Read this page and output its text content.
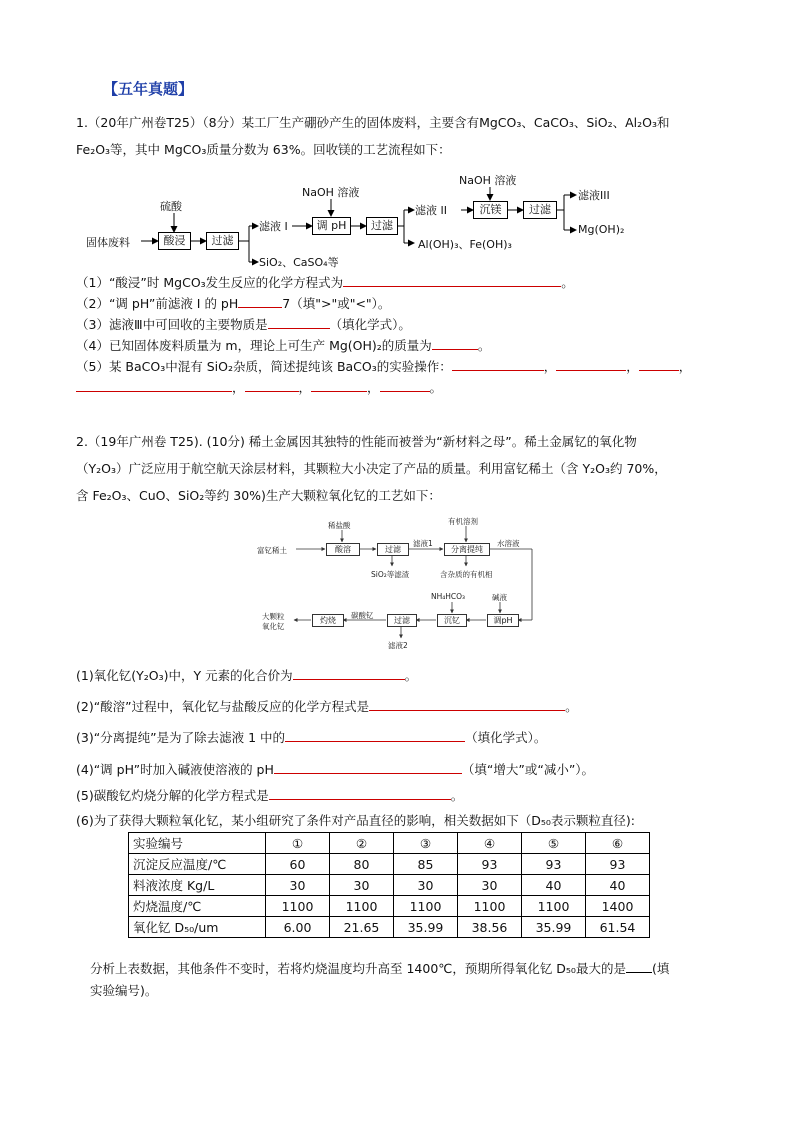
【五年真题】
1.（20年广州卷T25）（8分）某工厂生产硼砂产生的固体废料，主要含有MgCO₃、CaCO₃、SiO₂、Al₂O₃和
Fe₂O₃等，其中 MgCO₃质量分数为 63%。回收镁的工艺流程如下：
固体废料
硫酸
酸浸	过滤
滤液 I
SiO₂、CaSO₄等
NaOH 溶液
调 pH	过滤
滤液 II
Al(OH)₃、Fe(OH)₃
NaOH 溶液
沉镁	过滤
滤液III
Mg(OH)₂
（1）“酸浸”时 MgCO₃发生反应的化学方程式为	。
（2）“调 pH”前滤液 Ⅰ 的 pH	7（填">"或"<"）。
（3）滤液Ⅲ中可回收的主要物质是	（填化学式）。
（4）已知固体废料质量为 m，理论上可生产 Mg(OH)₂的质量为	。
（5）某 BaCO₃中混有 SiO₂杂质，简述提纯该 BaCO₃的实验操作：	，	，	，
，	，	，	。
2.（19年广州卷 T25). (10分) 稀土金属因其独特的性能而被誉为“新材料之母”。稀土金属钇的氧化物
（Y₂O₃）广泛应用于航空航天涂层材料，其颗粒大小决定了产品的质量。利用富钇稀土（含 Y₂O₃约 70%，
含 Fe₂O₃、CuO、SiO₂等约 30%)生产大颗粒氧化钇的工艺如下：
富钇稀土
稀盐酸
酸溶	过滤
SiO₂等滤渣
滤液1
有机溶剂
分离提纯
水溶液
含杂质的有机相
NH₄HCO₃	碱液
调pH
沉钇
过滤
滤液2
碳酸钇
灼烧
大颗粒
氧化钇
(1)氧化钇(Y₂O₃)中，Y 元素的化合价为	。
(2)“酸溶”过程中，氧化钇与盐酸反应的化学方程式是	。
(3)“分离提纯”是为了除去滤液 1 中的	（填化学式）。
(4)“调 pH”时加入碱液使溶液的 pH	（填“增大”或“减小”）。
(5)碳酸钇灼烧分解的化学方程式是	。
(6)为了获得大颗粒氧化钇，某小组研究了条件对产品直径的影响，相关数据如下（D₅₀表示颗粒直径):
实验编号	①	②	③	④	⑤	⑥
沉淀反应温度/℃	60	80	85	93	93	93
料液浓度 Kg/L	30	30	30	30	40	40
灼烧温度/℃	1100	1100	1100	1100	1100	1400
氧化钇 D₅₀/um	6.00	21.65	35.99	38.56	35.99	61.54
分析上表数据，其他条件不变时，若将灼烧温度均升高至 1400℃，预期所得氧化钇 D₅₀最大的是 (填
实验编号)。
